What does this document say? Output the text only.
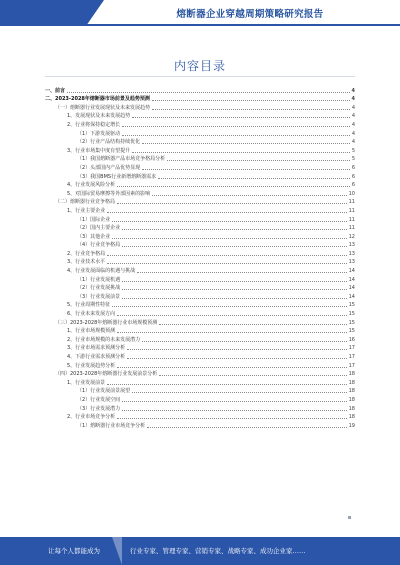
熔断器企业穿越周期策略研究报告
内容目录
一、前言	4
二、2023-2028年熔断器市场前景及趋势预测	4
（一）熔断器行业发展现状及未来发展趋势	4
1、发展现状及未来发展趋势	4
2、行业将保持稳定增长	4
（1）下游发展驱动	4
（2）行业产品结构持续优化	4
3、行业市场集中度有望提升	5
（1）我国熔断器产品市场竞争格局分析	5
（2）头部国内产品优势显现	6
（3）我国BMS行业新增熔断器需求	6
4、行业发展风险分析	6
5、对国际贸易摩擦等外部因素的影响	10
（二）熔断器行业竞争格局	11
1、行业主要企业	11
（1）国际企业	11
（2）国内主要企业	11
（3）其他企业	12
（4）行业竞争格局	13
2、行业竞争格局	13
3、行业技术水平	13
4、行业发展面临的机遇与挑战	14
（1）行业发展机遇	14
（2）行业发展挑战	14
（3）行业发展前景	14
5、行业周期性特征	15
6、行业未来发展方向	15
（三）2023-2028年熔断器行业市场规模预测	15
1、行业市场规模预测	15
2、行业市场规模的未来发展潜力	16
3、行业市场需求预测分析	17
4、下游行业需求预测分析	17
5、行业发展趋势分析	17
（四）2023-2028年熔断器行业发展前景分析	18
1、行业发展前景	18
（1）行业发展前景展望	18
（2）行业发展空间	18
（3）行业发展潜力	18
2、行业市场竞争分析	18
（1）熔断器行业市场竞争分析	19
让每个人都能成为	行业专家、管理专家、营销专家、战略专家、成功企业家……
